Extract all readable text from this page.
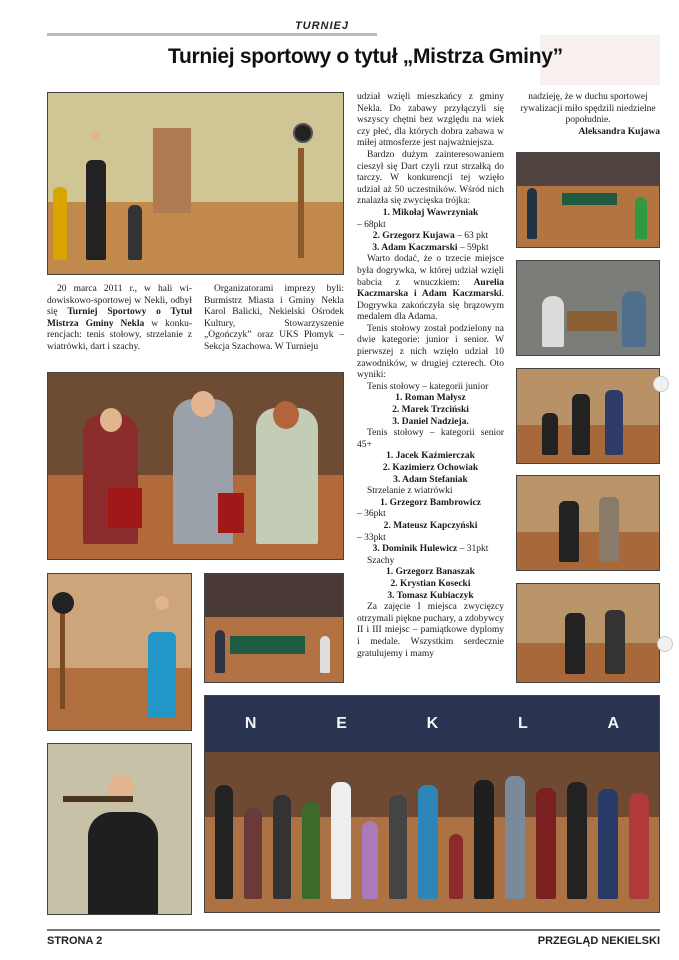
TURNIEJ
Turniej sportowy o tytuł „Mistrza Gminy”

20 marca 2011 r., w hali widowiskowo-sportowej w Nekli, odbył się Turniej Sportowy o Tytuł Mistrza Gminy Nekla w konkurencjach: tenis stołowy, strzelanie z wiatrówki, dart i szachy.

Organizatorami imprezy byli: Burmistrz Miasta i Gminy Nekla Karol Balicki, Nekielski Ośrodek Kultury, Stowarzyszenie „Ogończyk” oraz UKS Płomyk – Sekcja Szachowa. W Turnieju

udział wzięli mieszkańcy z gminy Nekla. Do zabawy przyłączyli się wszyscy chętni bez względu na wiek czy płeć, dla których dobra zabawa w miłej atmosferze jest najważniejsza.

Bardzo dużym zainteresowaniem cieszył się Dart czyli rzut strzałką do tarczy. W konkurencji tej wzięło udział aż 50 uczestników. Wśród nich znalazła się zwycięska trójka:

1. Mikołaj Wawrzyniak

– 68pkt

2. Grzegorz Kujawa – 63 pkt

3. Adam Kaczmarski – 59pkt

Warto dodać, że o trzecie miejsce była dogrywka, w której udział wzięli babcia z wnuczkiem: Aurelia Kaczmarska i Adam Kaczmarski. Dogrywka zakończyła się brązowym medalem dla Adama.

Tenis stołowy został podzielony na dwie kategorie: junior i senior. W pierwszej z nich wzięło udział 10 zawodników, w drugiej czterech. Oto wyniki:

Tenis stołowy – kategorii junior

1. Roman Małysz

2. Marek Trzciński

3. Daniel Nadzieja.

Tenis stołowy – kategorii senior 45+

1. Jacek Kaźmierczak

2. Kazimierz Ochowiak

3. Adam Stefaniak

Strzelanie z wiatrówki

1. Grzegorz Bambrowicz

– 36pkt

2. Mateusz Kapczyński

– 33pkt

3. Dominik Hulewicz – 31pkt

Szachy

1. Grzegorz Banaszak

2. Krystian Kosecki

3. Tomasz Kubiaczyk

Za zajęcie I miejsca zwycięzcy otrzymali piękne puchary, a zdobywcy II i III miejsc – pamiątkowe dyplomy i medale. Wszystkim serdecznie gratulujemy i mamy

nadzieję, że w duchu sportowej rywalizacji miło spędzili niedzielne popołudnie.

Aleksandra Kujawa

N	E	K	L	A
STRONA 2	PRZEGLĄD NEKIELSKI
